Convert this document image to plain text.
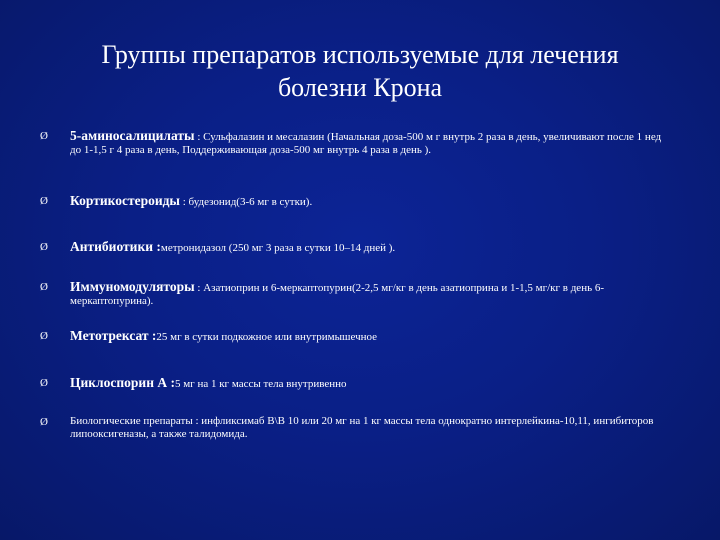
Группы препаратов используемые для лечения
болезни Крона
Ø	5-аминосалицилаты : Сульфалазин и месалазин (Начальная доза-500 м г внутрь 2 раза в день, увеличивают после 1 нед до 1-1,5 г 4 раза в день, Поддерживающая доза-500 мг внутрь 4 раза в день ).
Ø	Кортикостероиды : будезонид(3-6 мг в сутки).
Ø	Антибиотики :метронидазол (250 мг 3 раза в сутки 10–14 дней ).
Ø	Иммуномодуляторы : Азатиоприн и 6-меркаптопурин(2-2,5 мг/кг в день азатиоприна и 1-1,5 мг/кг в день 6-меркаптопурина).
Ø	Метотрексат :25 мг в сутки подкожное или внутримышечное
Ø	Циклоспорин А :5 мг на 1 кг массы тела внутривенно
Ø	Биологические препараты : инфликсимаб В\В 10 или 20 мг на 1 кг массы тела однократно интерлейкина-10,11, ингибиторов липооксигеназы, а также талидомида.
